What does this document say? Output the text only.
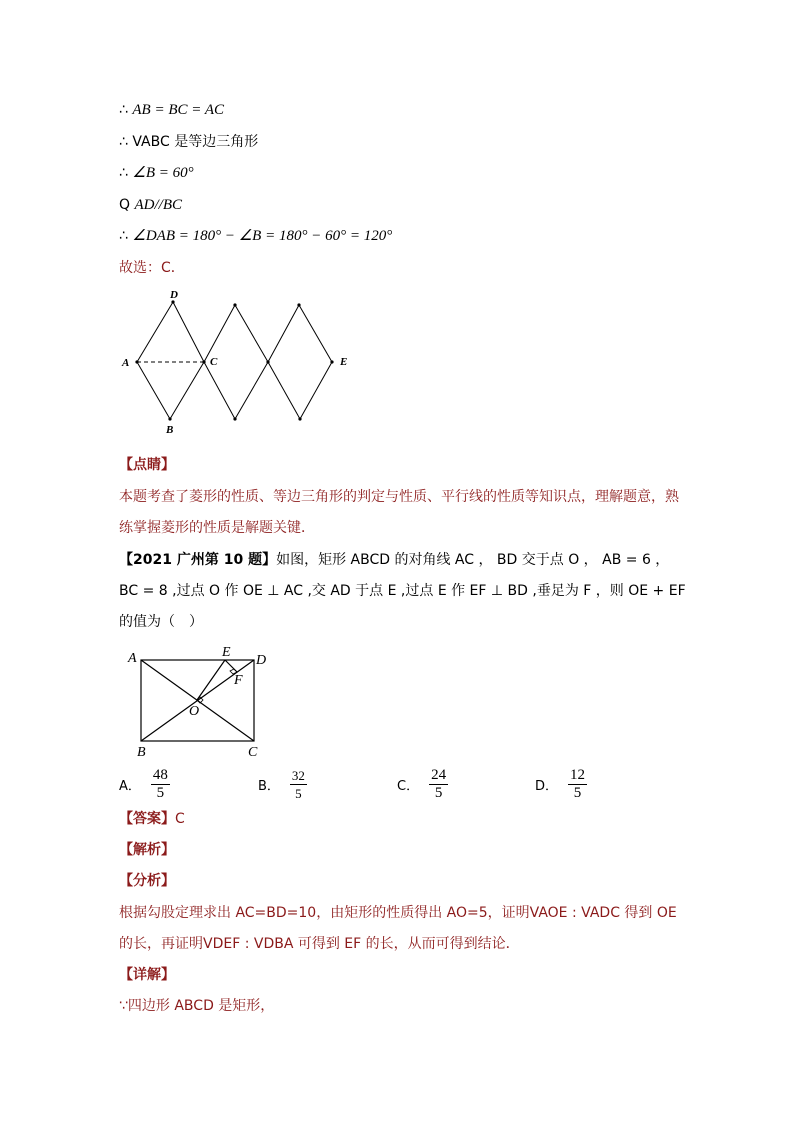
∴ AB = BC = AC
∴ VABC 是等边三角形
∴ ∠B = 60°
Q AD//BC
∴ ∠DAB = 180° − ∠B = 180° − 60° = 120°
故选：C．
A
D
B
C	E
【点睛】
本题考查了菱形的性质、等边三角形的判定与性质、平行线的性质等知识点，理解题意，熟
练掌握菱形的性质是解题关键．
【2021 广州第 10 题】如图，矩形 ABCD 的对角线 AC ， BD 交于点 O ， AB = 6 ，
BC = 8 ,过点 O 作 OE ⊥ AC ,交 AD 于点 E ,过点 E 作 EF ⊥ BD ,垂足为 F ，则 OE + EF
的值为（　）
A	D
E
F
O
B	C
A． $\frac{48}{5}$	B． $\frac{32}{5}$	C． $\frac{24}{5}$	D． $\frac{12}{5}$
【答案】C
【解析】
【分析】
根据勾股定理求出 AC=BD=10，由矩形的性质得出 AO=5，证明VAOE : VADC 得到 OE
的长，再证明VDEF : VDBA 可得到 EF 的长，从而可得到结论．
【详解】
∵四边形 ABCD 是矩形，
